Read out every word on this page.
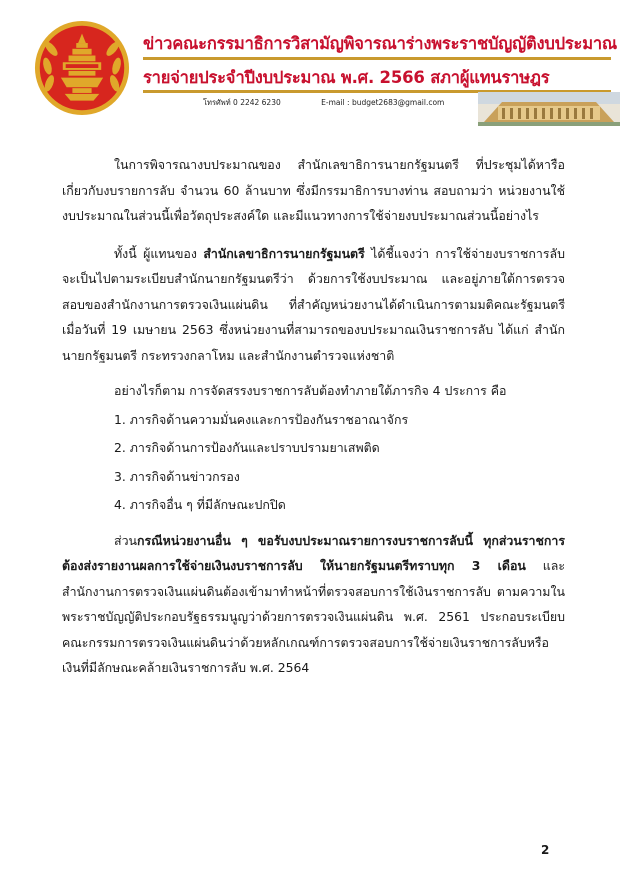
ข่าวคณะกรรมาธิการวิสามัญพิจารณาร่างพระราชบัญญัติงบประมาณ
รายจ่ายประจำปีงบประมาณ พ.ศ. 2566 สภาผู้แทนราษฎร
โทรศัพท์ 0 2242 6230	E-mail : budget2683@gmail.com

ในการพิจารณางบประมาณของ สำนักเลขาธิการนายกรัฐมนตรี ที่ประชุมได้หารือเกี่ยวกับงบรายการลับ จำนวน 60 ล้านบาท ซึ่งมีกรรมาธิการบางท่าน สอบถามว่า หน่วยงานใช้งบประมาณในส่วนนี้เพื่อวัตถุประสงค์ใด และมีแนวทางการใช้จ่ายงบประมาณส่วนนี้อย่างไร

ทั้งนี้ ผู้แทนของ สำนักเลขาธิการนายกรัฐมนตรี ได้ชี้แจงว่า การใช้จ่ายงบราชการลับ จะเป็นไปตามระเบียบสำนักนายกรัฐมนตรีว่า ด้วยการใช้งบประมาณ และอยู่ภายใต้การตรวจสอบของสำนักงานการตรวจเงินแผ่นดิน ที่สำคัญหน่วยงานได้ดำเนินการตามมติคณะรัฐมนตรี เมื่อวันที่ 19 เมษายน 2563 ซึ่งหน่วยงานที่สามารถของบประมาณเงินราชการลับ ได้แก่ สำนักนายกรัฐมนตรี กระทรวงกลาโหม และสำนักงานตำรวจแห่งชาติ

อย่างไรก็ตาม การจัดสรรงบราชการลับต้องทำภายใต้ภารกิจ 4 ประการ คือ

1. ภารกิจด้านความมั่นคงและการป้องกันราชอาณาจักร
2. ภารกิจด้านการป้องกันและปราบปรามยาเสพติด
3. ภารกิจด้านข่าวกรอง
4. ภารกิจอื่น ๆ ที่มีลักษณะปกปิด

ส่วนกรณีหน่วยงานอื่น ๆ ขอรับงบประมาณรายการงบราชการลับนี้ ทุกส่วนราชการต้องส่งรายงานผลการใช้จ่ายเงินงบราชการลับ ให้นายกรัฐมนตรีทราบทุก 3 เดือน และสำนักงานการตรวจเงินแผ่นดินต้องเข้ามาทำหน้าที่ตรวจสอบการใช้เงินราชการลับ ตามความในพระราชบัญญัติประกอบรัฐธรรมนูญว่าด้วยการตรวจเงินแผ่นดิน พ.ศ. 2561 ประกอบระเบียบคณะกรรมการตรวจเงินแผ่นดินว่าด้วยหลักเกณฑ์การตรวจสอบการใช้จ่ายเงินราชการลับหรือเงินที่มีลักษณะคล้ายเงินราชการลับ พ.ศ. 2564

2
